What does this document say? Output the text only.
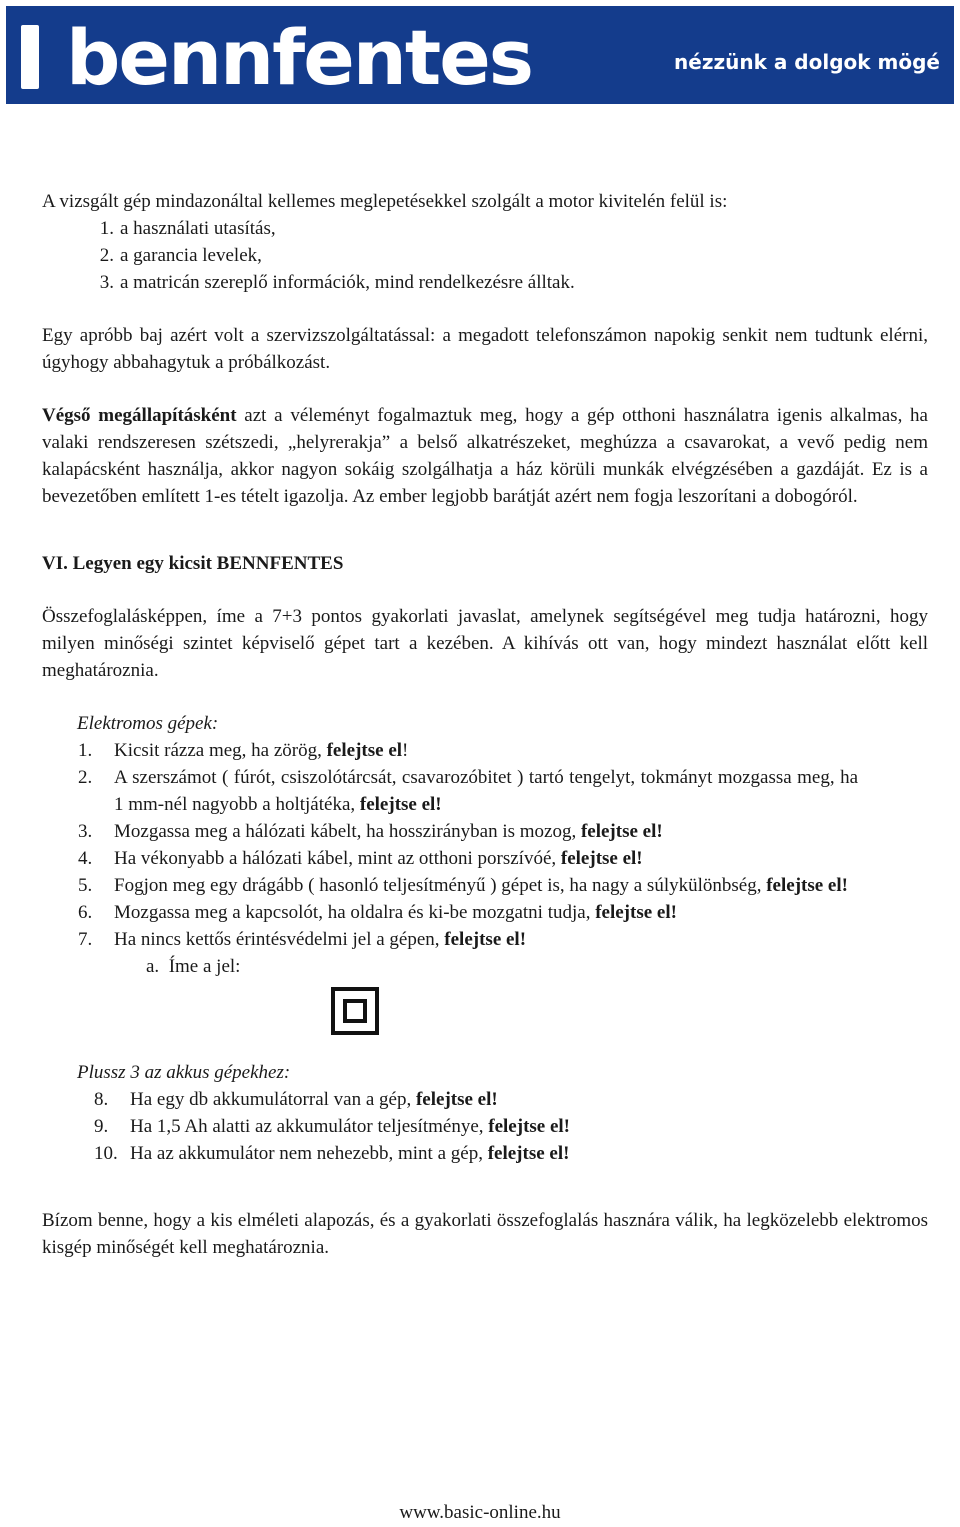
bennfentes	nézzünk a dolgok mögé

A vizsgált gép mindazonáltal kellemes meglepetésekkel szolgált a motor kivitelén felül is:

1. a használati utasítás,
2. a garancia levelek,
3. a matricán szereplő információk, mind rendelkezésre álltak.

Egy apróbb baj azért volt a szervizszolgáltatással: a megadott telefonszámon napokig senkit nem tudtunk elérni, úgyhogy abbahagytuk a próbálkozást.

Végső megállapításként azt a véleményt fogalmaztuk meg, hogy a gép otthoni használatra igenis alkalmas, ha valaki rendszeresen szétszedi, „helyrerakja” a belső alkatrészeket, meghúzza a csavarokat, a vevő pedig nem kalapácsként használja, akkor nagyon sokáig szolgálhatja a ház körüli munkák elvégzésében a gazdáját. Ez is a bevezetőben említett 1-es tételt igazolja. Az ember legjobb barátját azért nem fogja leszorítani a dobogóról.

VI. Legyen egy kicsit BENNFENTES

Összefoglalásképpen, íme a 7+3 pontos gyakorlati javaslat, amelynek segítségével meg tudja határozni, hogy milyen minőségi szintet képviselő gépet tart a kezében. A kihívás ott van, hogy mindezt használat előtt kell meghatároznia.

Elektromos gépek:

1.	Kicsit rázza meg, ha zörög, felejtse el!
2.	A szerszámot ( fúrót, csiszolótárcsát, csavarozóbitet ) tartó tengelyt, tokmányt mozgassa meg, ha 1 mm-nél nagyobb a holtjátéka, felejtse el!
3.	Mozgassa meg a hálózati kábelt, ha hosszirányban is mozog, felejtse el!
4.	Ha vékonyabb a hálózati kábel, mint az otthoni porszívóé, felejtse el!
5.	Fogjon meg egy drágább ( hasonló teljesítményű ) gépet is, ha nagy a súlykülönbség, felejtse el!
6.	Mozgassa meg a kapcsolót, ha oldalra és ki-be mozgatni tudja, felejtse el!
7.	Ha nincs kettős érintésvédelmi jel a gépen, felejtse el!
a. Íme a jel:

Plussz 3 az akkus gépekhez:

8.	Ha egy db akkumulátorral van a gép, felejtse el!
9.	Ha 1,5 Ah alatti az akkumulátor teljesítménye, felejtse el!
10. Ha az akkumulátor nem nehezebb, mint a gép, felejtse el!

Bízom benne, hogy a kis elméleti alapozás, és a gyakorlati összefoglalás hasznára válik, ha legközelebb elektromos kisgép minőségét kell meghatároznia.

www.basic-online.hu
